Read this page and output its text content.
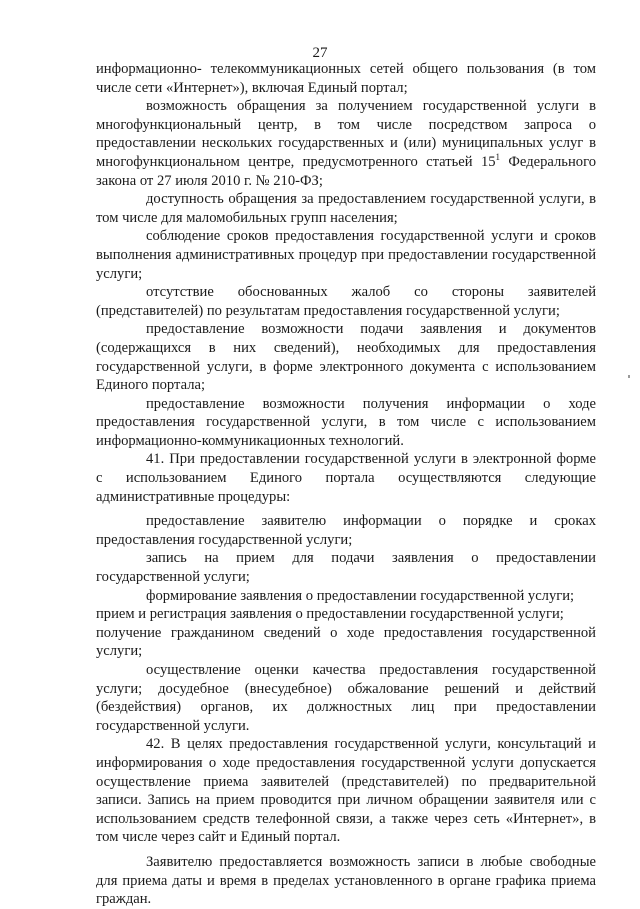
27

информационно- телекоммуникационных сетей общего пользования (в том числе сети «Интернет»), включая Единый портал;

возможность обращения за получением государственной услуги в многофункциональный центр, в том числе посредством запроса о предоставлении нескольких государственных и (или) муниципальных услуг в многофункциональном центре, предусмотренного статьей $15^1$ Федерального закона от 27 июля 2010 г. № 210-ФЗ;

доступность обращения за предоставлением государственной услуги, в том числе для маломобильных групп населения;

соблюдение сроков предоставления государственной услуги и сроков выполнения административных процедур при предоставлении государственной услуги;

отсутствие обоснованных жалоб со стороны заявителей (представителей) по результатам предоставления государственной услуги;

предоставление возможности подачи заявления и документов (содержащихся в них сведений), необходимых для предоставления государственной услуги, в форме электронного документа с использованием Единого портала;

предоставление возможности получения информации о ходе предоставления государственной услуги, в том числе с использованием информационно-коммуникационных технологий.

41. При предоставлении государственной услуги в электронной форме с использованием Единого портала осуществляются следующие административные процедуры:

предоставление заявителю информации о порядке и сроках предоставления государственной услуги;

запись на прием для подачи заявления о предоставлении государственной услуги;

формирование заявления о предоставлении государственной услуги;

прием и регистрация заявления о предоставлении государственной услуги;

получение гражданином сведений о ходе предоставления государственной услуги;

осуществление оценки качества предоставления государственной услуги; досудебное (внесудебное) обжалование решений и действий (бездействия) органов, их должностных лиц при предоставлении государственной услуги.

42. В целях предоставления государственной услуги, консультаций и информирования о ходе предоставления государственной услуги допускается осуществление приема заявителей (представителей) по предварительной записи. Запись на прием проводится при личном обращении заявителя или с использованием средств телефонной связи, а также через сеть «Интернет», в том числе через сайт и Единый портал.

Заявителю предоставляется возможность записи в любые свободные для приема даты и время в пределах установленного в органе графика приема граждан.
